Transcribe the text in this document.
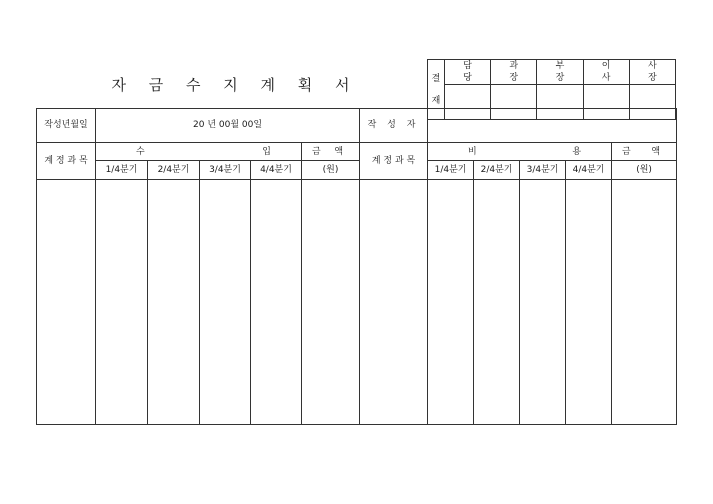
자 금 수 지 계 획 서	결
재	담 당	과 장	부 장	이 사	사 장

작성년월일	20 년 00월 00일					작 성 자					
계 정 과 목	수 입				금 액	계 정 과 목	비 용				금 액

	1/4분기	2/4분기	3/4분기	4/4분기	(원)		1/4분기	2/4분기	3/4분기	4/4분기	(원)
